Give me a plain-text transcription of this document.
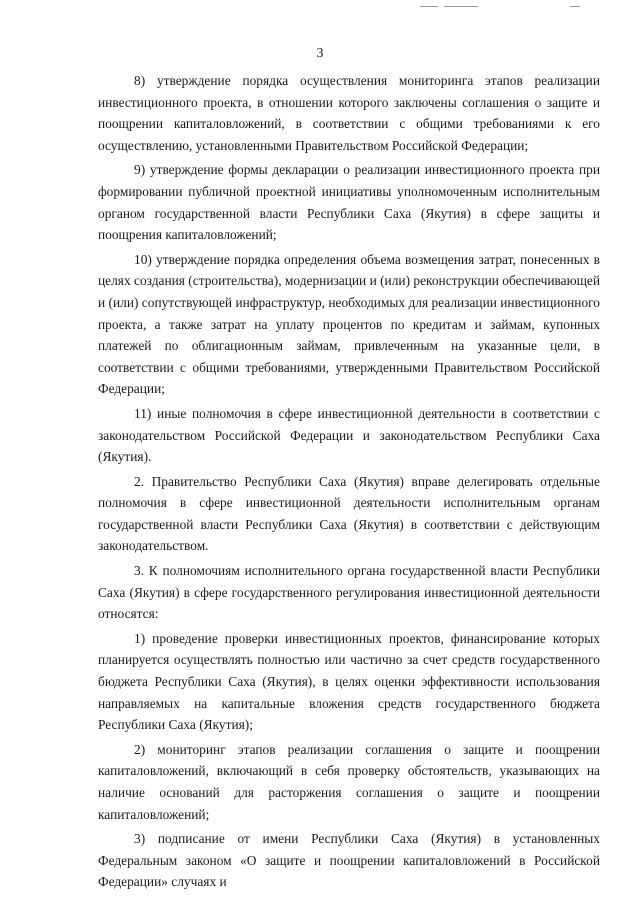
3

8) утверждение порядка осуществления мониторинга этапов реализации инвестиционного проекта, в отношении которого заключены соглашения о защите и поощрении капиталовложений, в соответствии с общими требованиями к его осуществлению, установленными Правительством Российской Федерации;

9) утверждение формы декларации о реализации инвестиционного проекта при формировании публичной проектной инициативы уполномоченным исполнительным органом государственной власти Республики Саха (Якутия) в сфере защиты и поощрения капиталовложений;

10) утверждение порядка определения объема возмещения затрат, понесенных в целях создания (строительства), модернизации и (или) реконструкции обеспечивающей и (или) сопутствующей инфраструктур, необходимых для реализации инвестиционного проекта, а также затрат на уплату процентов по кредитам и займам, купонных платежей по облигационным займам, привлеченным на указанные цели, в соответствии с общими требованиями, утвержденными Правительством Российской Федерации;

11) иные полномочия в сфере инвестиционной деятельности в соответствии с законодательством Российской Федерации и законодательством Республики Саха (Якутия).

2. Правительство Республики Саха (Якутия) вправе делегировать отдельные полномочия в сфере инвестиционной деятельности исполнительным органам государственной власти Республики Саха (Якутия) в соответствии с действующим законодательством.

3. К полномочиям исполнительного органа государственной власти Республики Саха (Якутия) в сфере государственного регулирования инвестиционной деятельности относятся:

1) проведение проверки инвестиционных проектов, финансирование которых планируется осуществлять полностью или частично за счет средств государственного бюджета Республики Саха (Якутия), в целях оценки эффективности использования направляемых на капитальные вложения средств государственного бюджета Республики Саха (Якутия);

2) мониторинг этапов реализации соглашения о защите и поощрении капиталовложений, включающий в себя проверку обстоятельств, указывающих на наличие оснований для расторжения соглашения о защите и поощрении капиталовложений;

3) подписание от имени Республики Саха (Якутия) в установленных Федеральным законом «О защите и поощрении капиталовложений в Российской Федерации» случаях и
